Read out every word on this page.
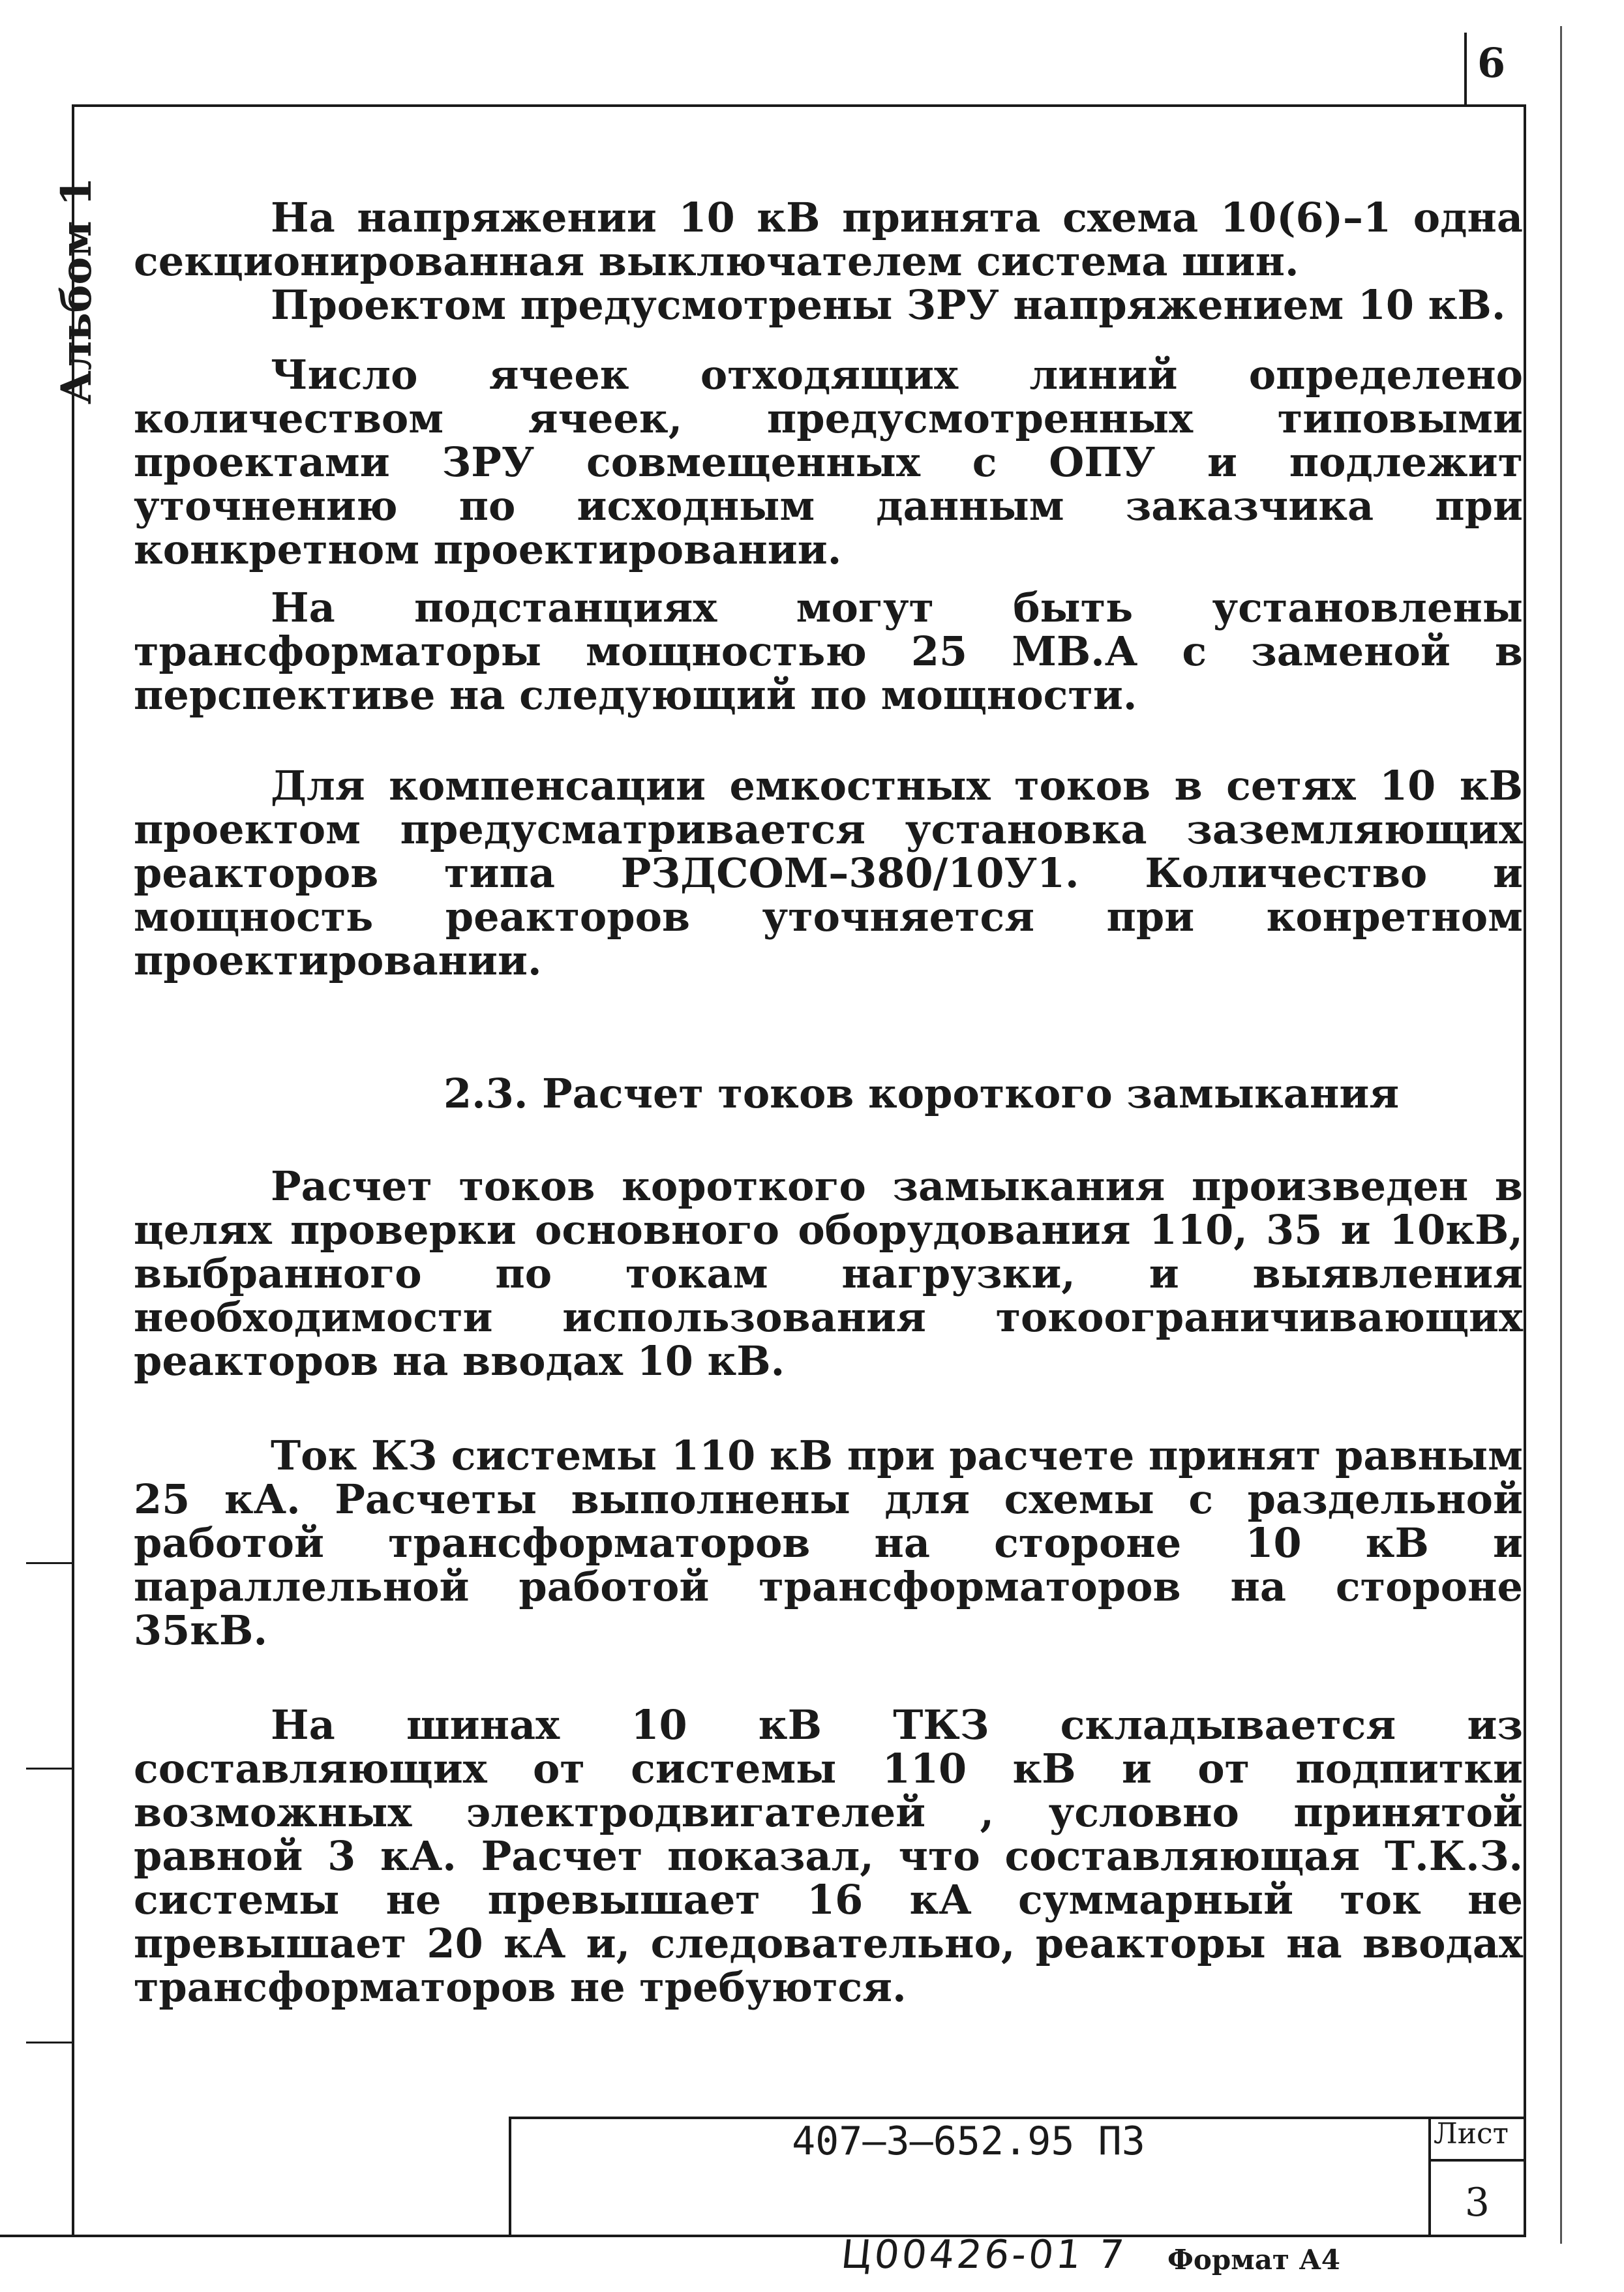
6
Альбом 1	На напряжении 10 кВ принята схема 10(6)–1 одна секционированная выключателем система шин.

Проектом предусмотрены ЗРУ напряжением 10 кВ.

Число ячеек отходящих линий определено количеством ячеек, предусмотренных типовыми проектами ЗРУ совмещенных с ОПУ и подлежит уточнению по исходным данным заказчика при конкретном проектировании.

На подстанциях могут быть установлены трансформаторы мощностью 25 МВ.А с заменой в перспективе на следующий по мощности.

Для компенсации емкостных токов в сетях 10 кВ проектом предусматривается установка заземляющих реакторов типа РЗДСОМ–380/10У1. Количество и мощность реакторов уточняется при конретном проектировании.

2.3. Расчет токов короткого замыкания

Расчет токов короткого замыкания произведен в целях проверки основного оборудования 110, 35 и 10кВ, выбранного по токам нагрузки, и выявления необходимости использования токоограничивающих реакторов на вводах 10 кВ.

Ток КЗ системы 110 кВ при расчете принят равным 25 кА. Расчеты выполнены для схемы с раздельной работой трансформаторов на стороне 10 кВ и параллельной работой трансформаторов на стороне 35кВ.

На шинах 10 кВ ТКЗ складывается из составляющих от системы 110 кВ и от подпитки возможных электродвигателей , условно принятой равной 3 кА. Расчет показал, что составляющая Т.К.З. системы не превышает 16 кА суммарный ток не превышает 20 кА и, следовательно, реакторы на вводах трансформаторов не требуются.

407–3–652.95 ПЗ	Лист
3
Ц00426-01 7 Формат А4
